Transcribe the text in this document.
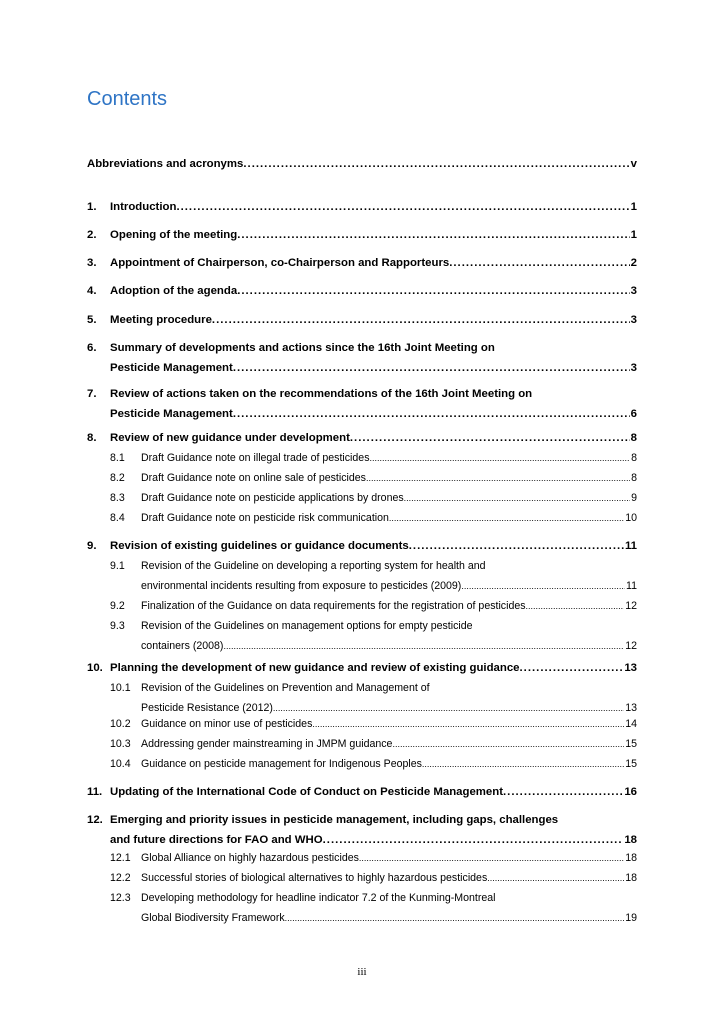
Contents
Abbreviations and acronyms .....	v
1. Introduction .....	1
2. Opening of the meeting .....	1
3. Appointment of Chairperson, co-Chairperson and Rapporteurs .....	2
4. Adoption of the agenda .....	3
5. Meeting procedure .....	3
6. Summary of developments and actions since the 16th Joint Meeting on
Pesticide Management .....	3
7. Review of actions taken on the recommendations of the 16th Joint Meeting on
Pesticide Management .....	6
8. Review of new guidance under development .....	8
8.1 Draft Guidance note on illegal trade of pesticides .....	8
8.2 Draft Guidance note on online sale of pesticides .....	8
8.3 Draft Guidance note on pesticide applications by drones .....	9
8.4 Draft Guidance note on pesticide risk communication .....	10
9. Revision of existing guidelines or guidance documents .....	11
9.1 Revision of the Guideline on developing a reporting system for health and
environmental incidents resulting from exposure to pesticides (2009) .....	11
9.2 Finalization of the Guidance on data requirements for the registration of pesticides .....	12
9.3 Revision of the Guidelines on management options for empty pesticide
containers (2008) .....	12
10. Planning the development of new guidance and review of existing guidance .....	13
10.1 Revision of the Guidelines on Prevention and Management of
Pesticide Resistance (2012) .....	13
10.2 Guidance on minor use of pesticides .....	14
10.3 Addressing gender mainstreaming in JMPM guidance .....	15
10.4 Guidance on pesticide management for Indigenous Peoples .....	15
11. Updating of the International Code of Conduct on Pesticide Management .....	16
12. Emerging and priority issues in pesticide management, including gaps, challenges
and future directions for FAO and WHO .....	18
12.1 Global Alliance on highly hazardous pesticides .....	18
12.2 Successful stories of biological alternatives to highly hazardous pesticides .....	18
12.3 Developing methodology for headline indicator 7.2 of the Kunming-Montreal
Global Biodiversity Framework .....	19
iii
